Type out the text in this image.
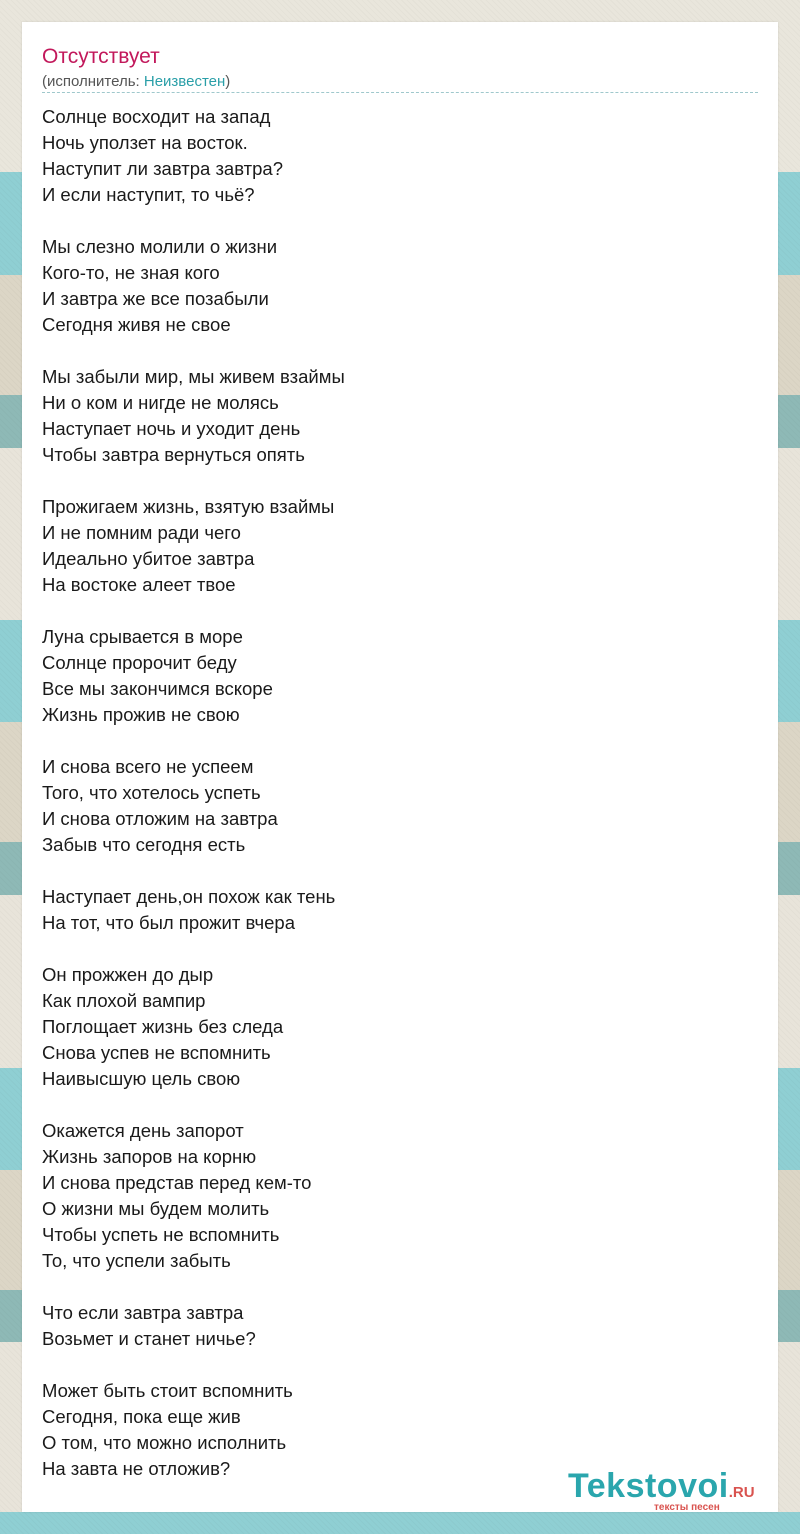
Отсутствует
(исполнитель: Неизвестен)
Солнце восходит на запад
Ночь уползет на восток.
Наступит ли завтра завтра?
И если наступит, то чьё?
Мы слезно молили о жизни
Кого-то, не зная кого
И завтра же все позабыли
Сегодня живя не свое
Мы забыли мир, мы живем взаймы
Ни о ком и нигде не молясь
Наступает ночь и уходит день
Чтобы завтра вернуться опять
Прожигаем жизнь, взятую взаймы
И не помним ради чего
Идеально убитое завтра
На востоке алеет твое
Луна срывается в море
Солнце пророчит беду
Все мы закончимся вскоре
Жизнь прожив не свою
И снова всего не успеем
Того, что хотелось успеть
И снова отложим на завтра
Забыв что сегодня есть
Наступает день,он похож как тень
На тот, что был прожит вчера
Он прожжен до дыр
Как плохой вампир
Поглощает жизнь без следа
Снова успев не вспомнить
Наивысшую цель свою
Окажется день запорот
Жизнь запоров на корню
И снова представ перед кем-то
О жизни мы будем молить
Чтобы успеть не вспомнить
То, что успели забыть
Что если завтра завтра
Возьмет и станет ничье?
Может быть стоит вспомнить
Сегодня, пока еще жив
О том, что можно исполнить
На завта не отложив?	Tekstovoi.RU
тексты песен
